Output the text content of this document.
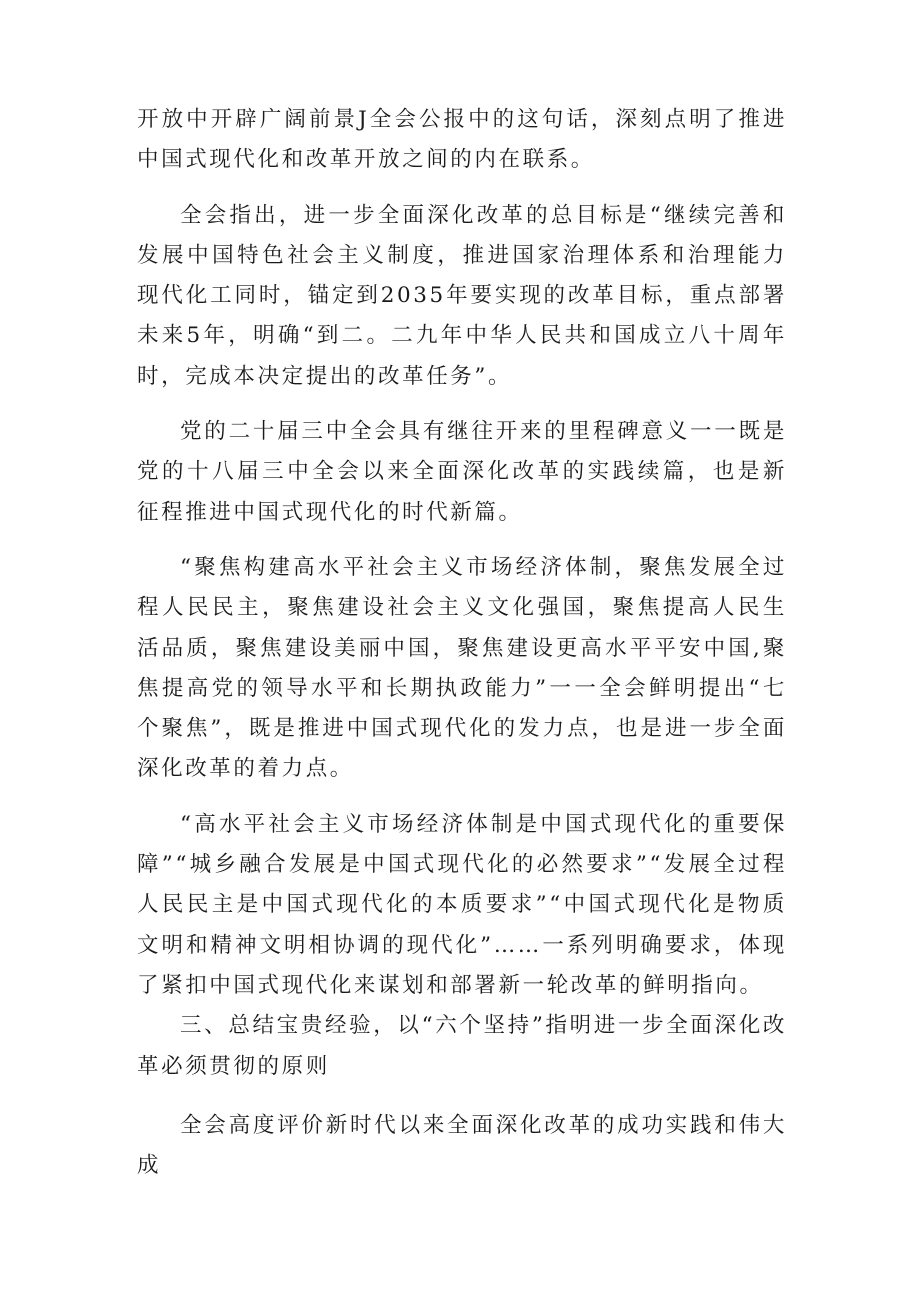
开放中开辟广阔前景J全会公报中的这句话，深刻点明了推进中国式现代化和改革开放之间的内在联系。

全会指出，进一步全面深化改革的总目标是“继续完善和发展中国特色社会主义制度，推进国家治理体系和治理能力现代化工同时，锚定到2035年要实现的改革目标，重点部署未来5年，明确“到二。二九年中华人民共和国成立八十周年时，完成本决定提出的改革任务”。

党的二十届三中全会具有继往开来的里程碑意义一一既是党的十八届三中全会以来全面深化改革的实践续篇，也是新征程推进中国式现代化的时代新篇。

“聚焦构建高水平社会主义市场经济体制，聚焦发展全过程人民民主，聚焦建设社会主义文化强国，聚焦提高人民生活品质，聚焦建设美丽中国，聚焦建设更高水平平安中国,聚焦提高党的领导水平和长期执政能力”一一全会鲜明提出“七个聚焦”，既是推进中国式现代化的发力点，也是进一步全面深化改革的着力点。

“高水平社会主义市场经济体制是中国式现代化的重要保障”“城乡融合发展是中国式现代化的必然要求”“发展全过程人民民主是中国式现代化的本质要求”“中国式现代化是物质文明和精神文明相协调的现代化”……一系列明确要求，体现了紧扣中国式现代化来谋划和部署新一轮改革的鲜明指向。

三、总结宝贵经验，以“六个坚持”指明进一步全面深化改革必须贯彻的原则

全会高度评价新时代以来全面深化改革的成功实践和伟大成
